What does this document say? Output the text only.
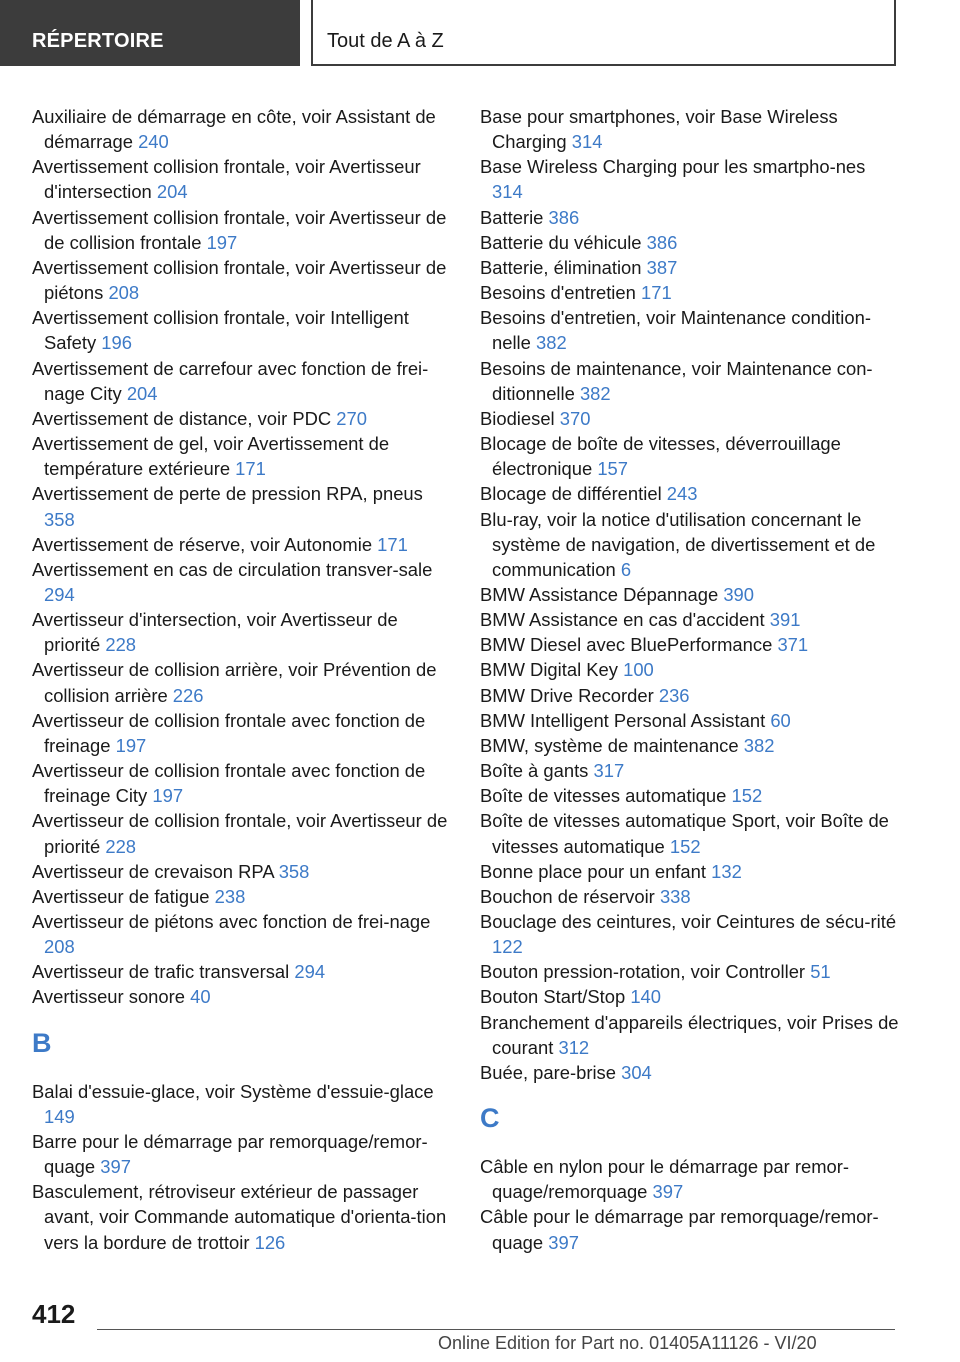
RÉPERTOIRE	Tout de A à Z
Auxiliaire de démarrage en côte, voir Assistant de démarrage 240
Avertissement collision frontale, voir Avertisseur d'intersection 204
Avertissement collision frontale, voir Avertisseur de de collision frontale 197
Avertissement collision frontale, voir Avertisseur de piétons 208
Avertissement collision frontale, voir Intelligent Safety 196
Avertissement de carrefour avec fonction de frei‐nage City 204
Avertissement de distance, voir PDC 270
Avertissement de gel, voir Avertissement de température extérieure 171
Avertissement de perte de pression RPA, pneus 358
Avertissement de réserve, voir Autonomie 171
Avertissement en cas de circulation transver‐sale 294
Avertisseur d'intersection, voir Avertisseur de priorité 228
Avertisseur de collision arrière, voir Prévention de collision arrière 226
Avertisseur de collision frontale avec fonction de freinage 197
Avertisseur de collision frontale avec fonction de freinage City 197
Avertisseur de collision frontale, voir Avertisseur de priorité 228
Avertisseur de crevaison RPA 358
Avertisseur de fatigue 238
Avertisseur de piétons avec fonction de frei‐nage 208
Avertisseur de trafic transversal 294
Avertisseur sonore 40
B
Balai d'essuie-glace, voir Système d'essuie-glace 149
Barre pour le démarrage par remorquage/remor‐quage 397
Basculement, rétroviseur extérieur de passager avant, voir Commande automatique d'orienta‐tion vers la bordure de trottoir 126
Base pour smartphones, voir Base Wireless Charging 314
Base Wireless Charging pour les smartpho‐nes 314
Batterie 386
Batterie du véhicule 386
Batterie, élimination 387
Besoins d'entretien 171
Besoins d'entretien, voir Maintenance condition‐nelle 382
Besoins de maintenance, voir Maintenance con‐ditionnelle 382
Biodiesel 370
Blocage de boîte de vitesses, déverrouillage électronique 157
Blocage de différentiel 243
Blu-ray, voir la notice d'utilisation concernant le système de navigation, de divertissement et de communication 6
BMW Assistance Dépannage 390
BMW Assistance en cas d'accident 391
BMW Diesel avec BluePerformance 371
BMW Digital Key 100
BMW Drive Recorder 236
BMW Intelligent Personal Assistant 60
BMW, système de maintenance 382
Boîte à gants 317
Boîte de vitesses automatique 152
Boîte de vitesses automatique Sport, voir Boîte de vitesses automatique 152
Bonne place pour un enfant 132
Bouchon de réservoir 338
Bouclage des ceintures, voir Ceintures de sécu‐rité 122
Bouton pression-rotation, voir Controller 51
Bouton Start/Stop 140
Branchement d'appareils électriques, voir Prises de courant 312
Buée, pare-brise 304
C
Câble en nylon pour le démarrage par remor‐quage/remorquage 397
Câble pour le démarrage par remorquage/remor‐quage 397
412
Online Edition for Part no. 01405A11126 - VI/20
